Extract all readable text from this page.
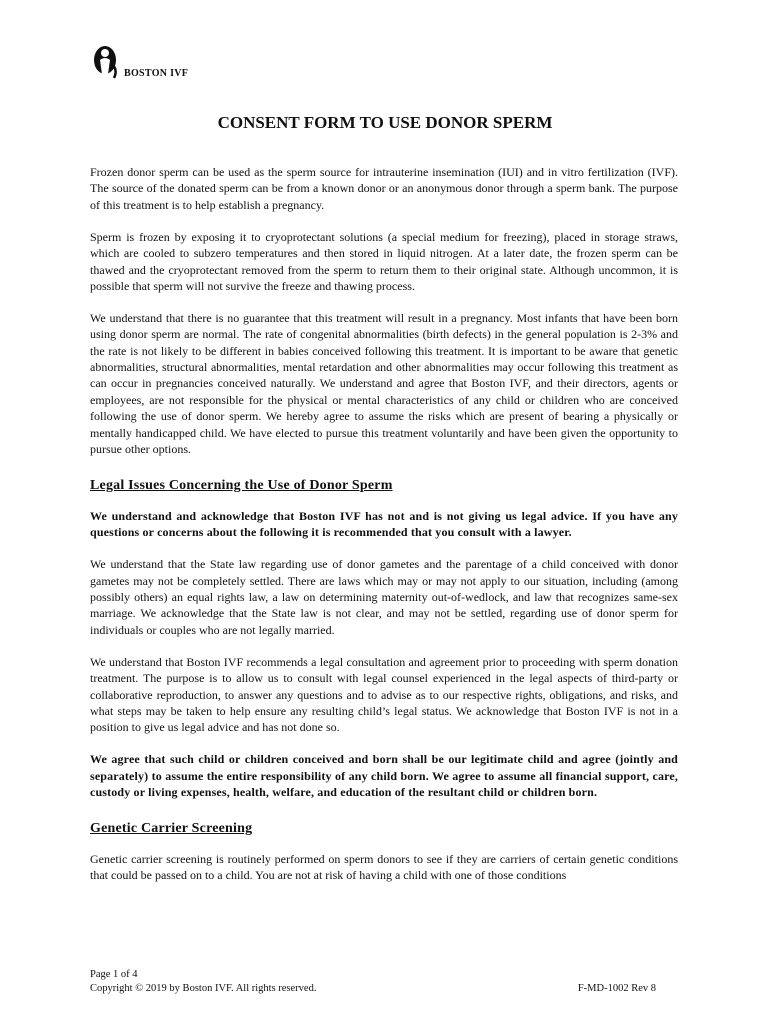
BOSTON IVF
CONSENT FORM TO USE DONOR SPERM

Frozen donor sperm can be used as the sperm source for intrauterine insemination (IUI) and in vitro fertilization (IVF). The source of the donated sperm can be from a known donor or an anonymous donor through a sperm bank. The purpose of this treatment is to help establish a pregnancy.

Sperm is frozen by exposing it to cryoprotectant solutions (a special medium for freezing), placed in storage straws, which are cooled to subzero temperatures and then stored in liquid nitrogen. At a later date, the frozen sperm can be thawed and the cryoprotectant removed from the sperm to return them to their original state. Although uncommon, it is possible that sperm will not survive the freeze and thawing process.

We understand that there is no guarantee that this treatment will result in a pregnancy. Most infants that have been born using donor sperm are normal. The rate of congenital abnormalities (birth defects) in the general population is 2-3% and the rate is not likely to be different in babies conceived following this treatment. It is important to be aware that genetic abnormalities, structural abnormalities, mental retardation and other abnormalities may occur following this treatment as can occur in pregnancies conceived naturally. We understand and agree that Boston IVF, and their directors, agents or employees, are not responsible for the physical or mental characteristics of any child or children who are conceived following the use of donor sperm. We hereby agree to assume the risks which are present of bearing a physically or mentally handicapped child. We have elected to pursue this treatment voluntarily and have been given the opportunity to pursue other options.

Legal Issues Concerning the Use of Donor Sperm

We understand and acknowledge that Boston IVF has not and is not giving us legal advice. If you have any questions or concerns about the following it is recommended that you consult with a lawyer.

We understand that the State law regarding use of donor gametes and the parentage of a child conceived with donor gametes may not be completely settled. There are laws which may or may not apply to our situation, including (among possibly others) an equal rights law, a law on determining maternity out-of-wedlock, and law that recognizes same-sex marriage. We acknowledge that the State law is not clear, and may not be settled, regarding use of donor sperm for individuals or couples who are not legally married.

We understand that Boston IVF recommends a legal consultation and agreement prior to proceeding with sperm donation treatment. The purpose is to allow us to consult with legal counsel experienced in the legal aspects of third-party or collaborative reproduction, to answer any questions and to advise as to our respective rights, obligations, and risks, and what steps may be taken to help ensure any resulting child’s legal status. We acknowledge that Boston IVF is not in a position to give us legal advice and has not done so.

We agree that such child or children conceived and born shall be our legitimate child and agree (jointly and separately) to assume the entire responsibility of any child born. We agree to assume all financial support, care, custody or living expenses, health, welfare, and education of the resultant child or children born.

Genetic Carrier Screening

Genetic carrier screening is routinely performed on sperm donors to see if they are carriers of certain genetic conditions that could be passed on to a child. You are not at risk of having a child with one of those conditions

Page 1 of 4
Copyright © 2019 by Boston IVF. All rights reserved.	F-MD-1002 Rev 8
